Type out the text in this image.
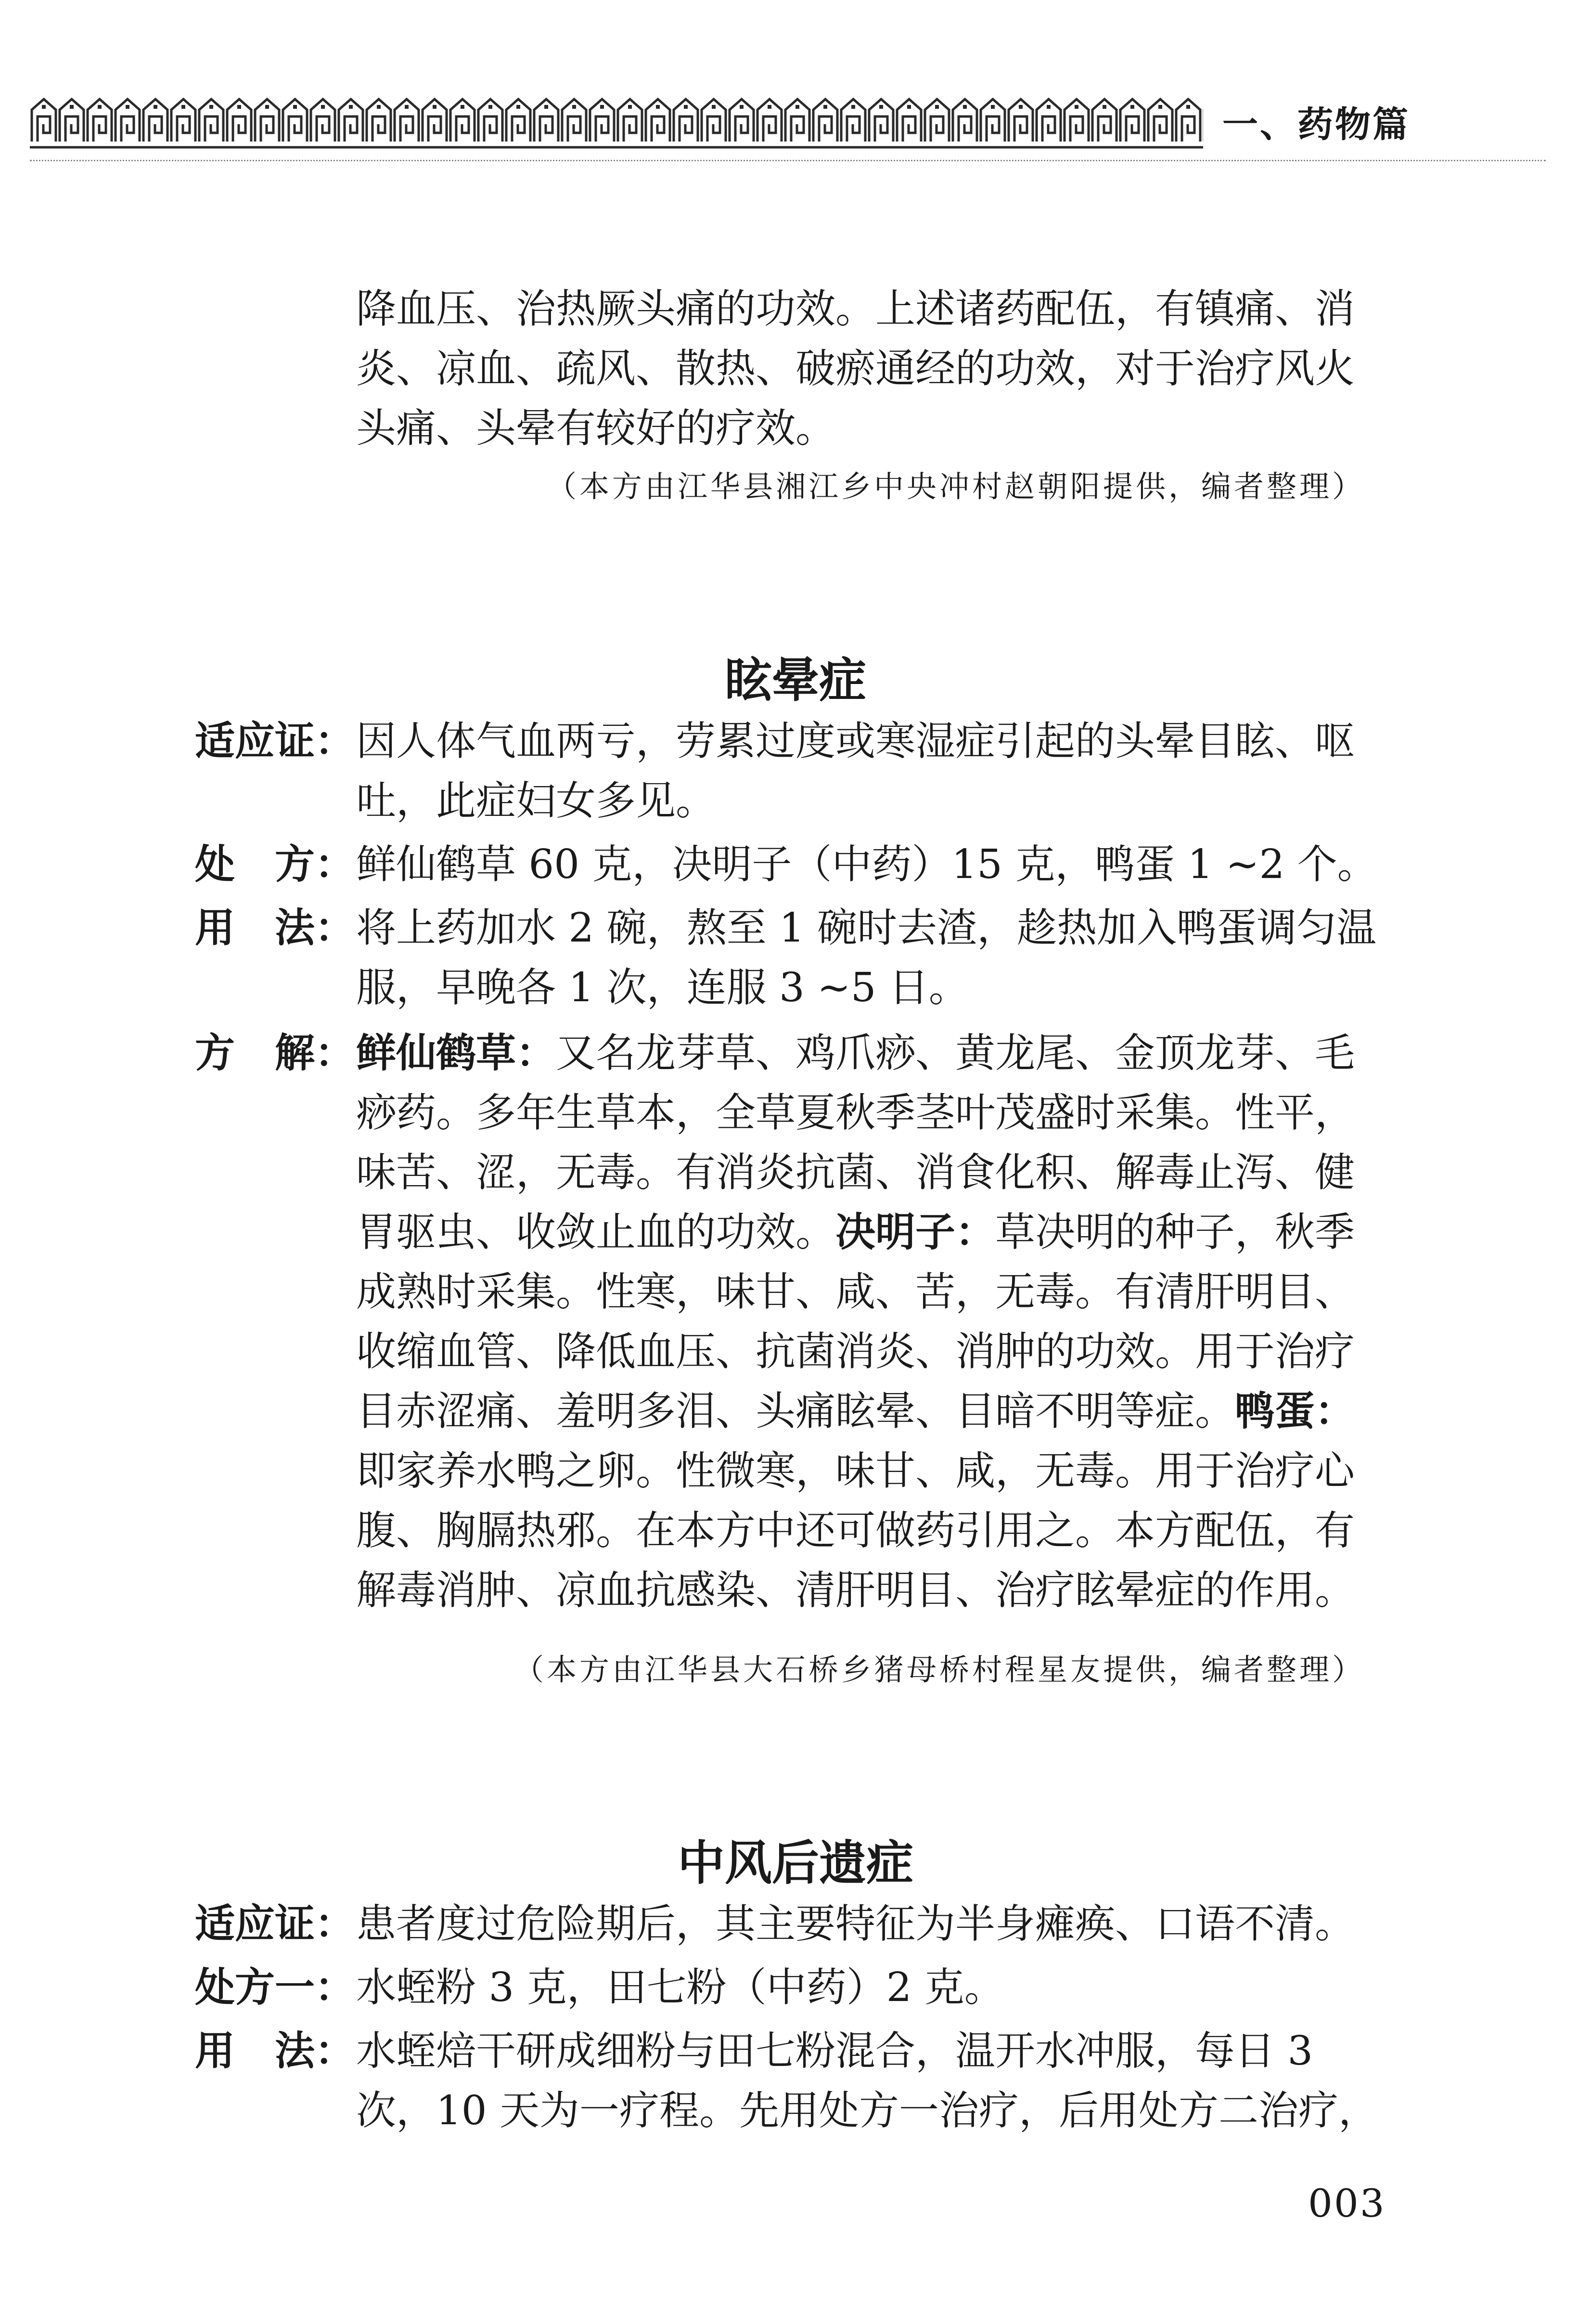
一、药物篇
降血压、治热厥头痛的功效。上述诸药配伍，有镇痛、消
炎、凉血、疏风、散热、破瘀通经的功效，对于治疗风火
头痛、头晕有较好的疗效。
（本方由江华县湘江乡中央冲村赵朝阳提供，编者整理）
眩晕症
适应证： 因人体气血两亏，劳累过度或寒湿症引起的头晕目眩、呕
吐，此症妇女多见。
处　方： 鲜仙鹤草 60 克，决明子（中药）15 克，鸭蛋 1 ~2 个。
用　法： 将上药加水 2 碗，熬至 1 碗时去渣，趁热加入鸭蛋调匀温
服，早晚各 1 次，连服 3 ~5 日。
方　解： 鲜仙鹤草：又名龙芽草、鸡爪痧、黄龙尾、金顶龙芽、毛
痧药。多年生草本，全草夏秋季茎叶茂盛时采集。性平，
味苦、涩，无毒。有消炎抗菌、消食化积、解毒止泻、健
胃驱虫、收敛止血的功效。决明子：草决明的种子，秋季
成熟时采集。性寒，味甘、咸、苦，无毒。有清肝明目、
收缩血管、降低血压、抗菌消炎、消肿的功效。用于治疗
目赤涩痛、羞明多泪、头痛眩晕、目暗不明等症。鸭蛋：
即家养水鸭之卵。性微寒，味甘、咸，无毒。用于治疗心
腹、胸膈热邪。在本方中还可做药引用之。本方配伍，有
解毒消肿、凉血抗感染、清肝明目、治疗眩晕症的作用。
（本方由江华县大石桥乡猪母桥村程星友提供，编者整理）
中风后遗症
适应证： 患者度过危险期后，其主要特征为半身瘫痪、口语不清。
处方一： 水蛭粉 3 克，田七粉（中药）2 克。
用　法： 水蛭焙干研成细粉与田七粉混合，温开水冲服，每日 3
次，10 天为一疗程。先用处方一治疗，后用处方二治疗，
003
